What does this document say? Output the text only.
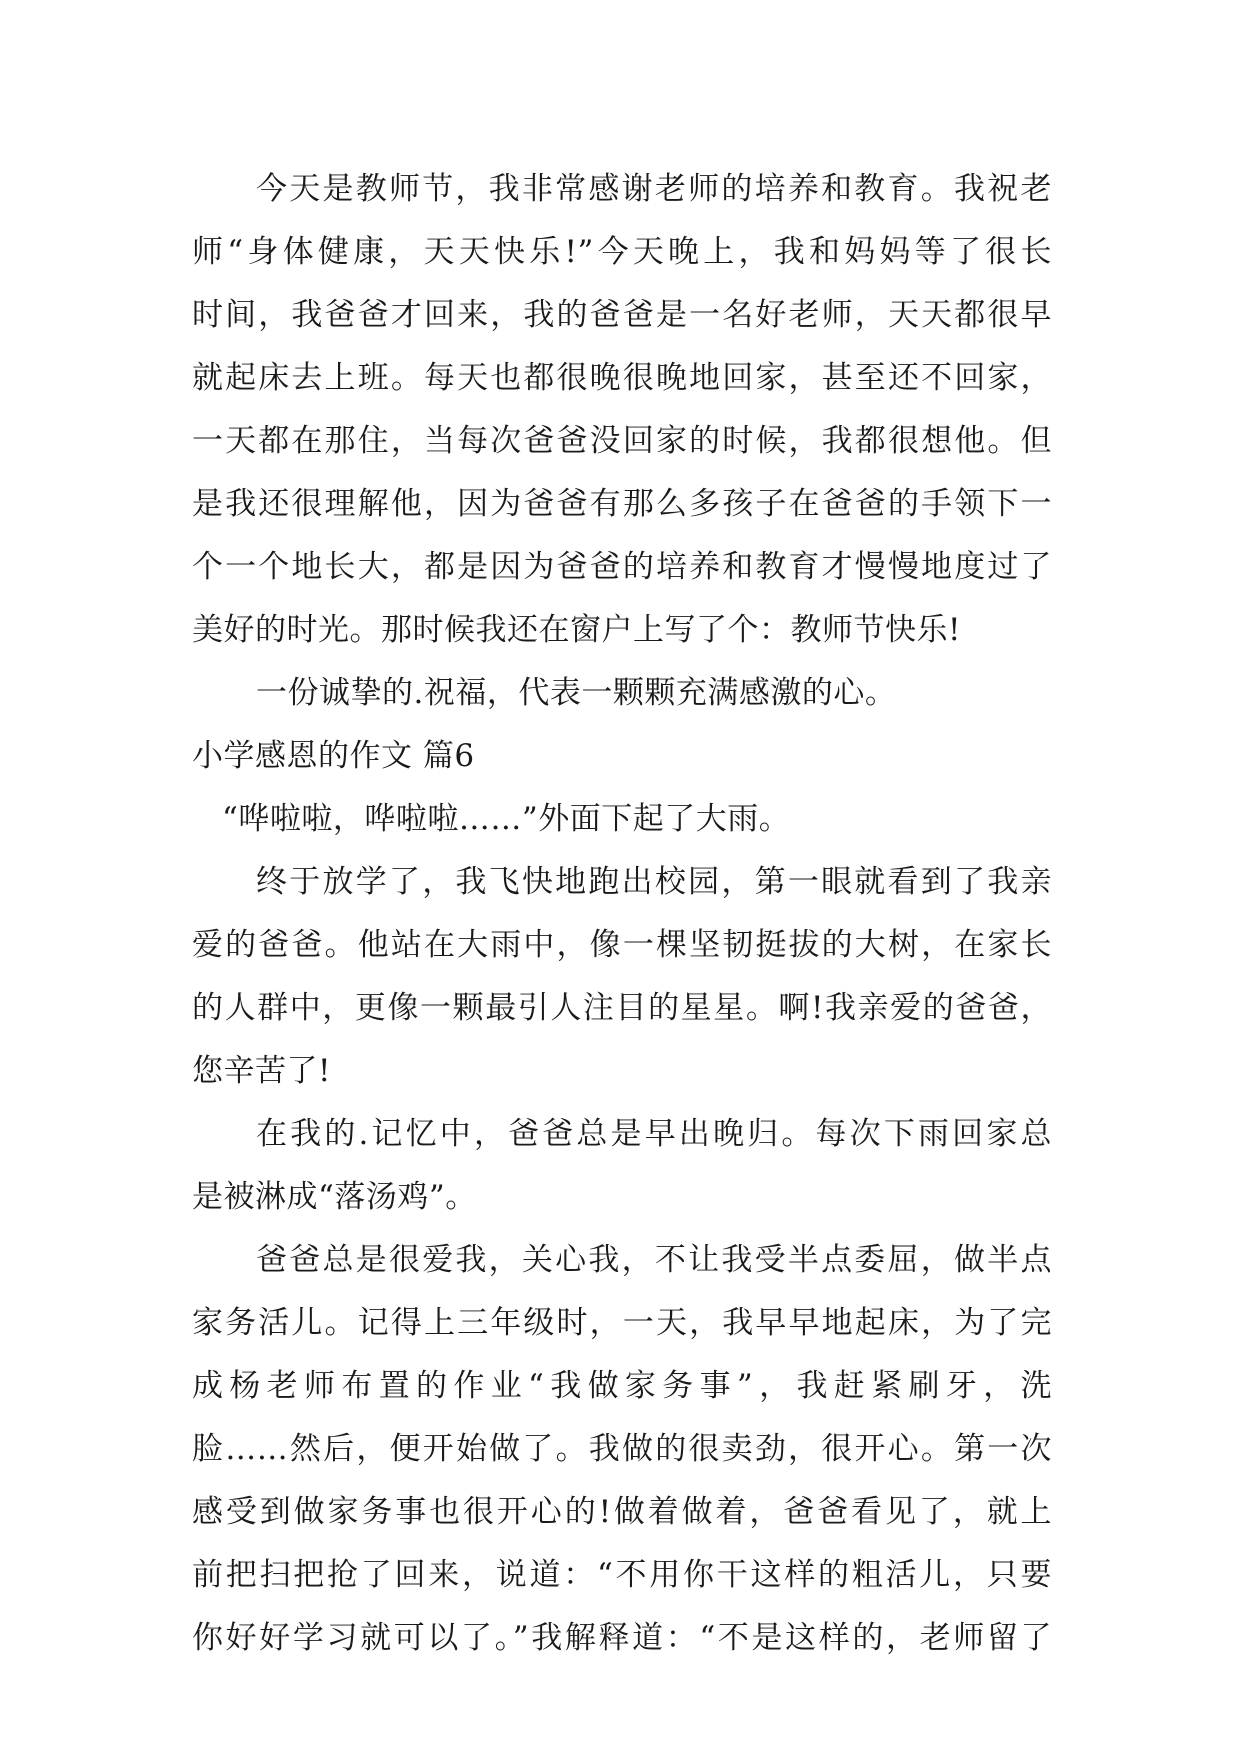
今天是教师节，我非常感谢老师的培养和教育。我祝老
师“身体健康，天天快乐!”今天晚上，我和妈妈等了很长
时间，我爸爸才回来，我的爸爸是一名好老师，天天都很早
就起床去上班。每天也都很晚很晚地回家，甚至还不回家，
一天都在那住，当每次爸爸没回家的时候，我都很想他。但
是我还很理解他，因为爸爸有那么多孩子在爸爸的手领下一
个一个地长大，都是因为爸爸的培养和教育才慢慢地度过了
美好的时光。那时候我还在窗户上写了个：教师节快乐!
一份诚挚的.祝福，代表一颗颗充满感激的心。
小学感恩的作文 篇6
“哗啦啦，哗啦啦……”外面下起了大雨。
终于放学了，我飞快地跑出校园，第一眼就看到了我亲
爱的爸爸。他站在大雨中，像一棵坚韧挺拔的大树，在家长
的人群中，更像一颗最引人注目的星星。啊!我亲爱的爸爸，
您辛苦了!
在我的.记忆中，爸爸总是早出晚归。每次下雨回家总
是被淋成“落汤鸡”。
爸爸总是很爱我，关心我，不让我受半点委屈，做半点
家务活儿。记得上三年级时，一天，我早早地起床，为了完
成杨老师布置的作业“我做家务事”，我赶紧刷牙，洗
脸……然后，便开始做了。我做的很卖劲，很开心。第一次
感受到做家务事也很开心的!做着做着，爸爸看见了，就上
前把扫把抢了回来，说道：“不用你干这样的粗活儿，只要
你好好学习就可以了。”我解释道：“不是这样的，老师留了
